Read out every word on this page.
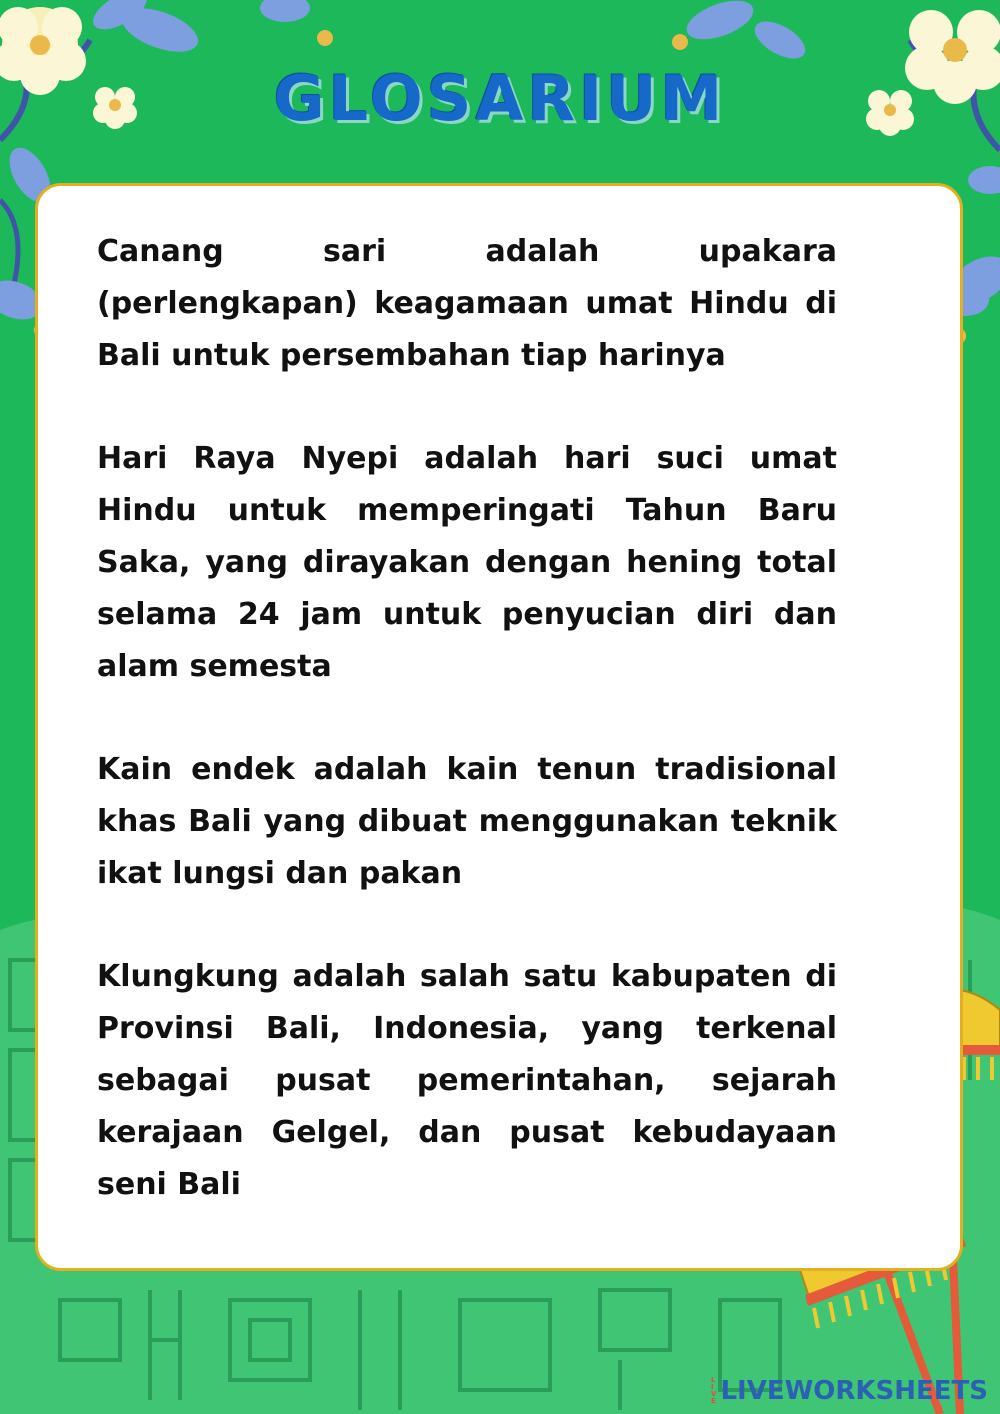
GLOSARIUM

Canang sari adalah upakara (perlengkapan) keagamaan umat Hindu di Bali untuk persembahan tiap harinya

Hari Raya Nyepi adalah hari suci umat Hindu untuk memperingati Tahun Baru Saka, yang dirayakan dengan hening total selama 24 jam untuk penyucian diri dan alam semesta

Kain endek adalah kain tenun tradisional khas Bali yang dibuat menggunakan teknik ikat lungsi dan pakan

Klungkung adalah salah satu kabupaten di Provinsi Bali, Indonesia, yang terkenal sebagai pusat pemerintahan, sejarah kerajaan Gelgel, dan pusat kebudayaan seni Bali

L
I
V
E LIVEWORKSHEETS
